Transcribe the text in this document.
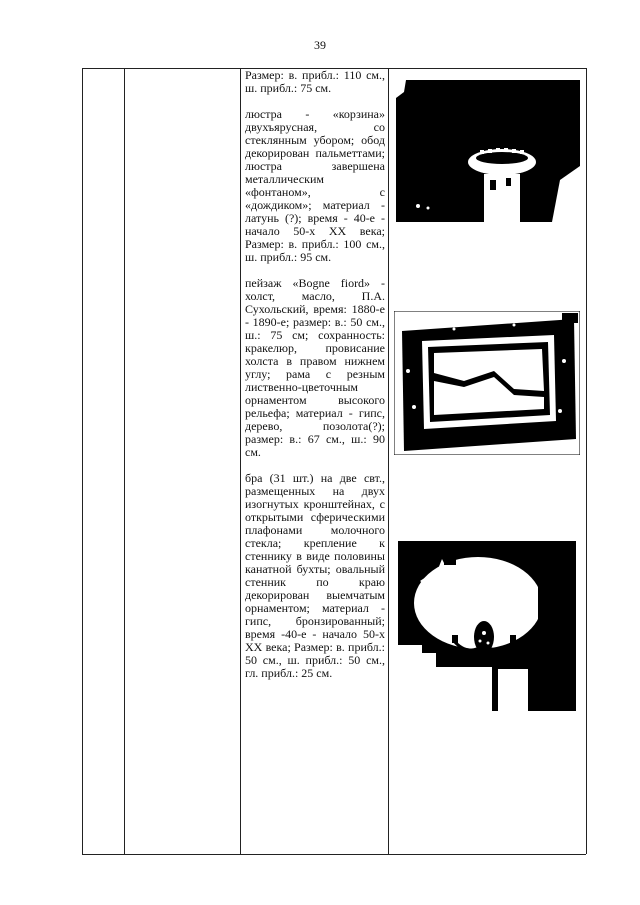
39

Размер: в. прибл.: 110 см., ш. прибл.: 75 см.

люстра - «корзина» двухъярусная, со стеклянным убором; обод декорирован пальметтами; люстра завершена металлическим «фонтаном», с «дождиком»; материал - латунь (?); время - 40-е - начало 50-х XX века; Размер: в. прибл.: 100 см., ш. прибл.: 95 см.

пейзаж «Bogne fiord» - холст, масло, П.А. Сухольский, время: 1880-е - 1890-е; размер: в.: 50 см., ш.: 75 см; сохранность: кракелюр, провисание холста в правом нижнем углу; рама с резным лиственно-цветочным орнаментом высокого рельефа; материал - гипс, дерево, позолота(?); размер: в.: 67 см., ш.: 90 см.

бра (31 шт.) на две свт., размещенных на двух изогнутых кронштейнах, с открытыми сферическими плафонами молочного стекла; крепление к стеннику в виде половины канатной бухты; овальный стенник по краю декорирован выемчатым орнаментом; материал - гипс, бронзированный; время -40-е - начало 50-х XX века; Размер: в. прибл.: 50 см., ш. прибл.: 50 см., гл. прибл.: 25 см.
